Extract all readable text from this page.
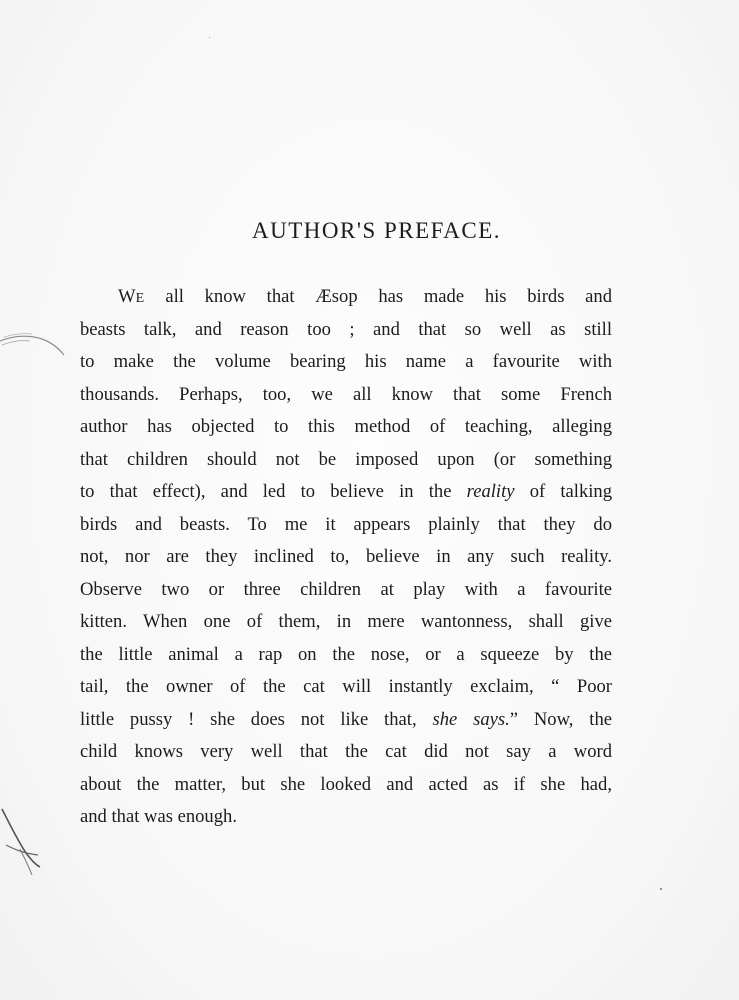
AUTHOR'S PREFACE.
WE all know that Æsop has made his birds and
beasts talk, and reason too ; and that so well as still
to make the volume bearing his name a favourite with
thousands. Perhaps, too, we all know that some French
author has objected to this method of teaching, alleging
that children should not be imposed upon (or something
to that effect), and led to believe in the reality of talking
birds and beasts. To me it appears plainly that they do
not, nor are they inclined to, believe in any such reality.
Observe two or three children at play with a favourite
kitten. When one of them, in mere wantonness, shall give
the little animal a rap on the nose, or a squeeze by the
tail, the owner of the cat will instantly exclaim, “ Poor
little pussy ! she does not like that, she says.” Now, the
child knows very well that the cat did not say a word
about the matter, but she looked and acted as if she had,
and that was enough.
